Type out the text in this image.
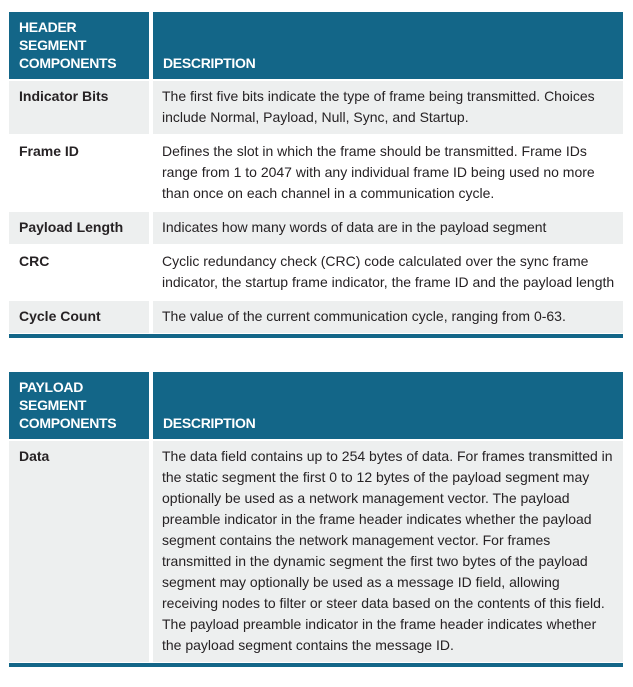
HEADER SEGMENT COMPONENTS	DESCRIPTION
Indicator Bits	The first five bits indicate the type of frame being transmitted. Choices include Normal, Payload, Null, Sync, and Startup.
Frame ID	Defines the slot in which the frame should be transmitted. Frame IDs range from 1 to 2047 with any individual frame ID being used no more than once on each channel in a communication cycle.
Payload Length	Indicates how many words of data are in the payload segment
CRC	Cyclic redundancy check (CRC) code calculated over the sync frame indicator, the startup frame indicator, the frame ID and the payload length
Cycle Count	The value of the current communication cycle, ranging from 0-63.
PAYLOAD SEGMENT COMPONENTS	DESCRIPTION
Data	The data field contains up to 254 bytes of data. For frames transmitted in the static segment the first 0 to 12 bytes of the payload segment may optionally be used as a network management vector. The payload preamble indicator in the frame header indicates whether the payload segment contains the network management vector. For frames transmitted in the dynamic segment the first two bytes of the payload segment may optionally be used as a message ID field, allowing receiving nodes to filter or steer data based on the contents of this field. The payload preamble indicator in the frame header indicates whether the payload segment contains the message ID.
